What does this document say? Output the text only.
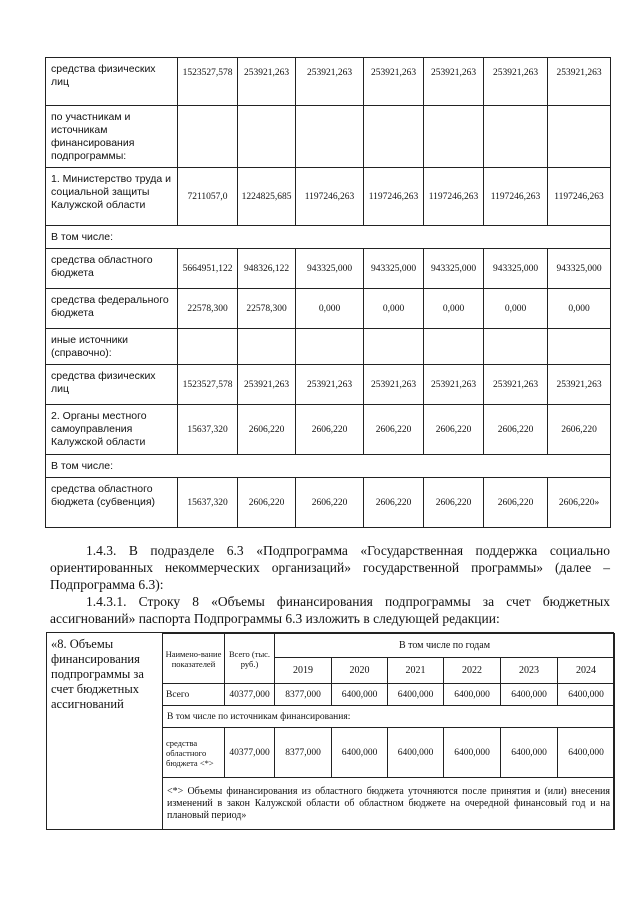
средства физических лиц	1523527,578	253921,263	253921,263	253921,263	253921,263	253921,263	253921,263
по участникам и источникам финансирования подпрограммы:							
1. Министерство труда и социальной защиты Калужской области	7211057,0	1224825,685	1197246,263	1197246,263	1197246,263	1197246,263	1197246,263
В том числе:							
средства областного бюджета	5664951,122	948326,122	943325,000	943325,000	943325,000	943325,000	943325,000
средства федерального бюджета	22578,300	22578,300	0,000	0,000	0,000	0,000	0,000
иные источники (справочно):							
средства физических лиц	1523527,578	253921,263	253921,263	253921,263	253921,263	253921,263	253921,263
2. Органы местного самоуправления Калужской области	15637,320	2606,220	2606,220	2606,220	2606,220	2606,220	2606,220
В том числе:							
средства областного бюджета (субвенция)	15637,320	2606,220	2606,220	2606,220	2606,220	2606,220	2606,220»

1.4.3. В подразделе 6.3 «Подпрограмма «Государственная поддержка социально ориентированных некоммерческих организаций» государственной программы» (далее – Подпрограмма 6.3):

1.4.3.1. Строку 8 «Объемы финансирования подпрограммы за счет бюджетных ассигнований» паспорта Подпрограммы 6.3 изложить в следующей редакции:

«8. Объемы финансирования подпрограммы за счет бюджетных ассигнований
Наимено-вание показателей	Всего (тыс. руб.)	В том числе по годам					
		2019	2020	2021	2022	2023	2024
Всего	40377,000	8377,000	6400,000	6400,000	6400,000	6400,000	6400,000
В том числе по источникам финансирования:							
средства областного бюджета <*>	40377,000	8377,000	6400,000	6400,000	6400,000	6400,000	6400,000
<*> Объемы финансирования из областного бюджета уточняются после принятия и (или) внесения изменений в закон Калужской области об областном бюджете на очередной финансовый год и на плановый период»							
